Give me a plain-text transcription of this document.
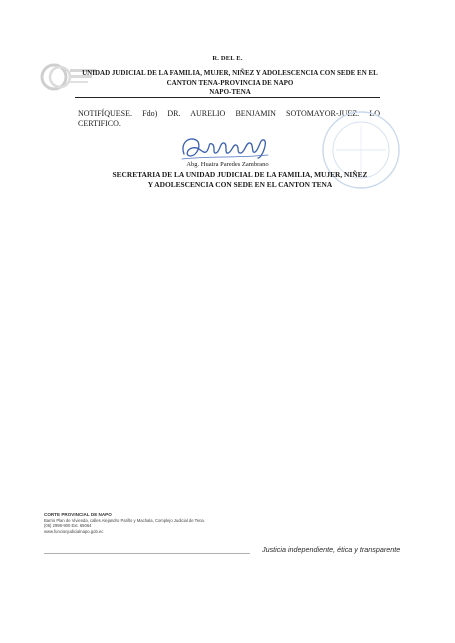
R. DEL E.
UNIDAD JUDICIAL DE LA FAMILIA, MUJER, NIÑEZ Y ADOLESCENCIA CON SEDE EN EL
CANTON TENA-PROVINCIA DE NAPO
NAPO-TENA
NOTIFÍQUESE. Fdo) DR. AURELIO BENJAMIN SOTOMAYOR-JUEZ. LO
CERTIFICO.
Abg. Huaira Paredes Zambrano
SECRETARIA DE LA UNIDAD JUDICIAL DE LA FAMILIA, MUJER, NIÑEZ
Y ADOLESCENCIA CON SEDE EN EL CANTON TENA
CORTE PROVINCIAL DE NAPO
Barrio Plan de Vivienda, calles Alejandro Patiño y Machala, Complejo Judicial de Tena.
(06) 2998-900 Ext. 65064
www.funcionjudicialnapo.gob.ec
Justicia independiente, ética y transparente
